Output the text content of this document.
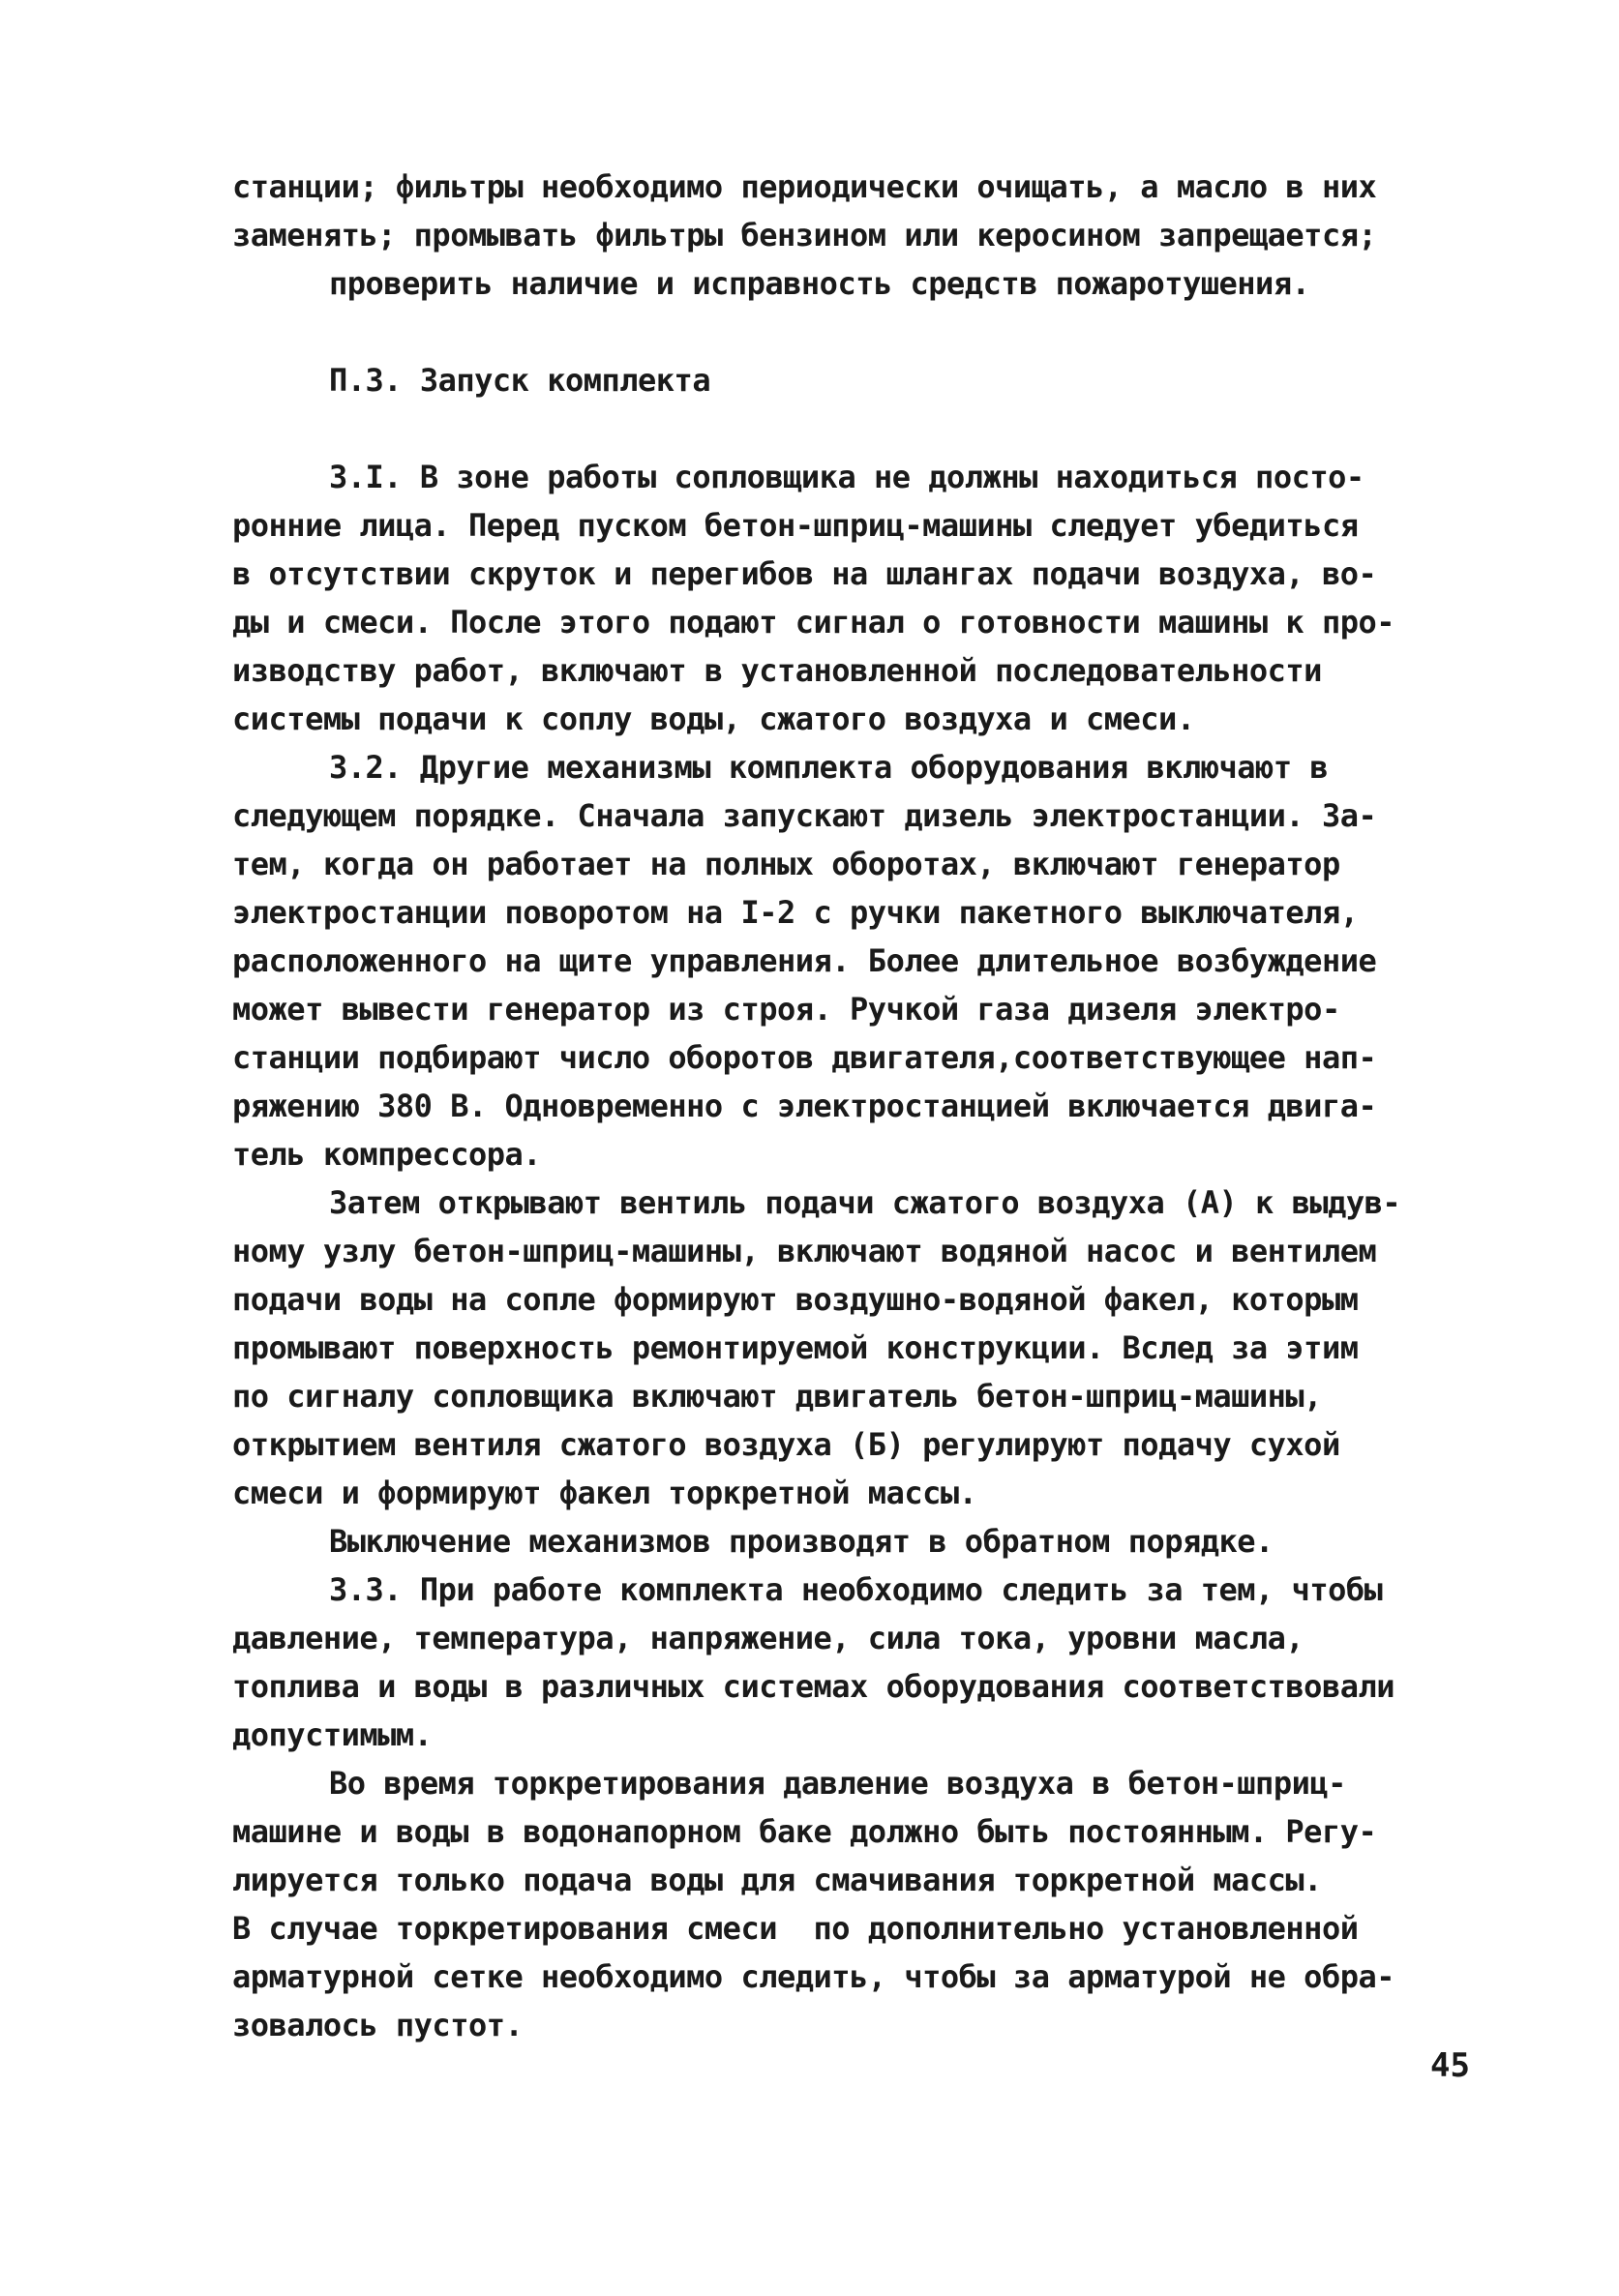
станции; фильтры необходимо периодически очищать, а масло в них
заменять; промывать фильтры бензином или керосином запрещается;
проверить наличие и исправность средств пожаротушения.
П.3. Запуск комплекта
3.I. В зоне работы сопловщика не должны находиться посто-
ронние лица. Перед пуском бетон-шприц-машины следует убедиться
в отсутствии скруток и перегибов на шлангах подачи воздуха, во-
ды и смеси. После этого подают сигнал о готовности машины к про-
изводству работ, включают в установленной последовательности
системы подачи к соплу воды, сжатого воздуха и смеси.
3.2. Другие механизмы комплекта оборудования включают в
следующем порядке. Сначала запускают дизель электростанции. За-
тем, когда он работает на полных оборотах, включают генератор
электростанции поворотом на I-2 с ручки пакетного выключателя,
расположенного на щите управления. Более длительное возбуждение
может вывести генератор из строя. Ручкой газа дизеля электро-
станции подбирают число оборотов двигателя,соответствующее нап-
ряжению 380 В. Одновременно с электростанцией включается двига-
тель компрессора.
Затем открывают вентиль подачи сжатого воздуха (А) к выдув-
ному узлу бетон-шприц-машины, включают водяной насос и вентилем
подачи воды на сопле формируют воздушно-водяной факел, которым
промывают поверхность ремонтируемой конструкции. Вслед за этим
по сигналу сопловщика включают двигатель бетон-шприц-машины,
открытием вентиля сжатого воздуха (Б) регулируют подачу сухой
смеси и формируют факел торкретной массы.
Выключение механизмов производят в обратном порядке.
3.3. При работе комплекта необходимо следить за тем, чтобы
давление, температура, напряжение, сила тока, уровни масла,
топлива и воды в различных системах оборудования соответствовали
допустимым.
Во время торкретирования давление воздуха в бетон-шприц-
машине и воды в водонапорном баке должно быть постоянным. Регу-
лируется только подача воды для смачивания торкретной массы.
В случае торкретирования смеси  по дополнительно установленной
арматурной сетке необходимо следить, чтобы за арматурой не обра-
зовалось пустот.
45
